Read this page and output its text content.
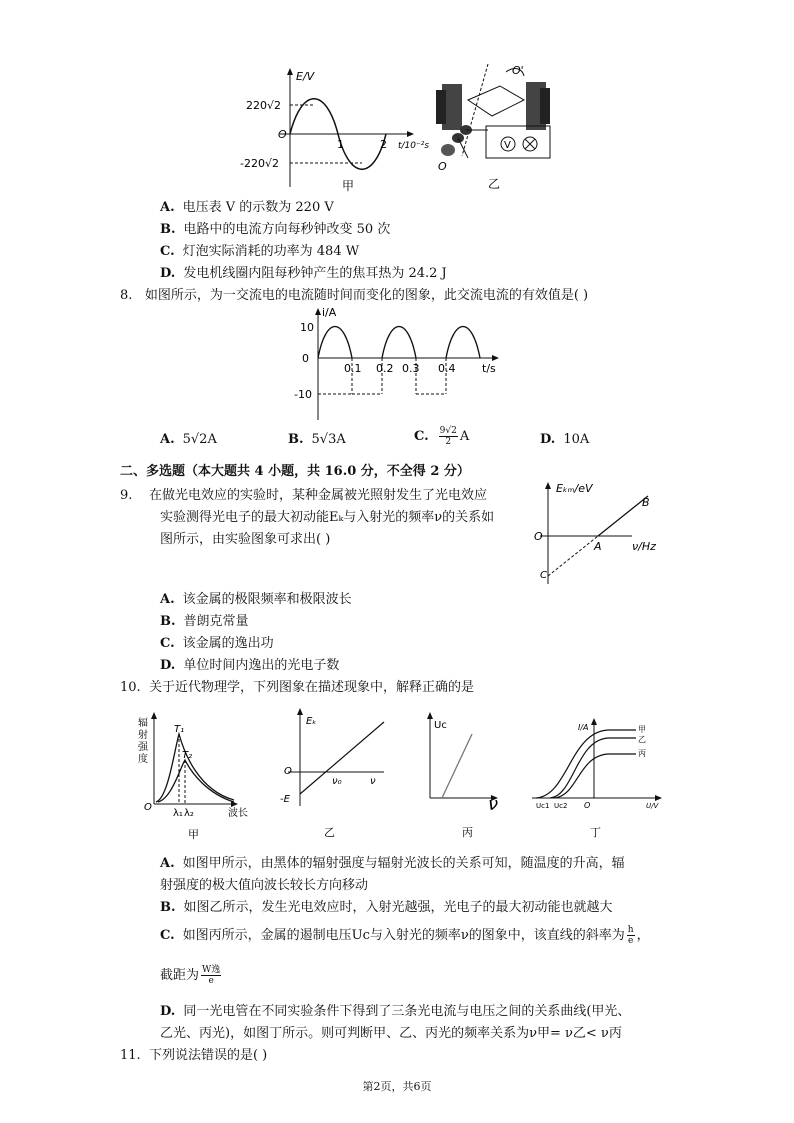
E/V
220√2
O
1	2 t/10⁻²s
-220√2
甲
O'
V
O
乙
A. 电压表 V 的示数为 220 V
B. 电路中的电流方向每秒钟改变 50 次
C. 灯泡实际消耗的功率为 484 W
D. 发电机线圈内阻每秒钟产生的焦耳热为 24.2 J
8. 如图所示，为一交流电的电流随时间而变化的图象，此交流电流的有效值是( )
i/A
10
0
-10
0.1 0.2 0.3 0.4 t/s
A. 5√2A	B. 5√3A	C. $\frac{9√2}{2}$ A	D. 10A
二、多选题（本大题共 4 小题，共 16.0 分，不全得 2 分）
9. 在做光电效应的实验时，某种金属被光照射发生了光电效应
实验测得光电子的最大初动能Eₖ与入射光的频率ν的关系如
图所示，由实验图象可求出( )
Eₖₘ/eV
B
O
A	ν/Hz
C
A. 该金属的极限频率和极限波长
B. 普朗克常量
C. 该金属的逸出功
D. 单位时间内逸出的光电子数
10. 关于近代物理学，下列图象在描述现象中，解释正确的是
辐
射
强
度
T₁
T₂
O
λ₁ λ₂	波长
甲
Eₖ
O
ν₀	ν
-E
乙
Uc
ν
丙
I/A	甲
乙
丙
Uc1 Uc2 O	U/V
丁
A. 如图甲所示，由黑体的辐射强度与辐射光波长的关系可知，随温度的升高，辐
射强度的极大值向波长较长方向移动
B. 如图乙所示，发生光电效应时，入射光越强，光电子的最大初动能也就越大
C. 如图丙所示，金属的遏制电压Uc与入射光的频率ν的图象中，该直线的斜率为 $\frac{h}{e}$ ，
截距为 $\frac{\text{W逸}}{e}$
D. 同一光电管在不同实验条件下得到了三条光电流与电压之间的关系曲线(甲光、
乙光、丙光)，如图丁所示。则可判断甲、乙、丙光的频率关系为ν甲= ν乙< ν丙
11. 下列说法错误的是( )
第2页，共6页
